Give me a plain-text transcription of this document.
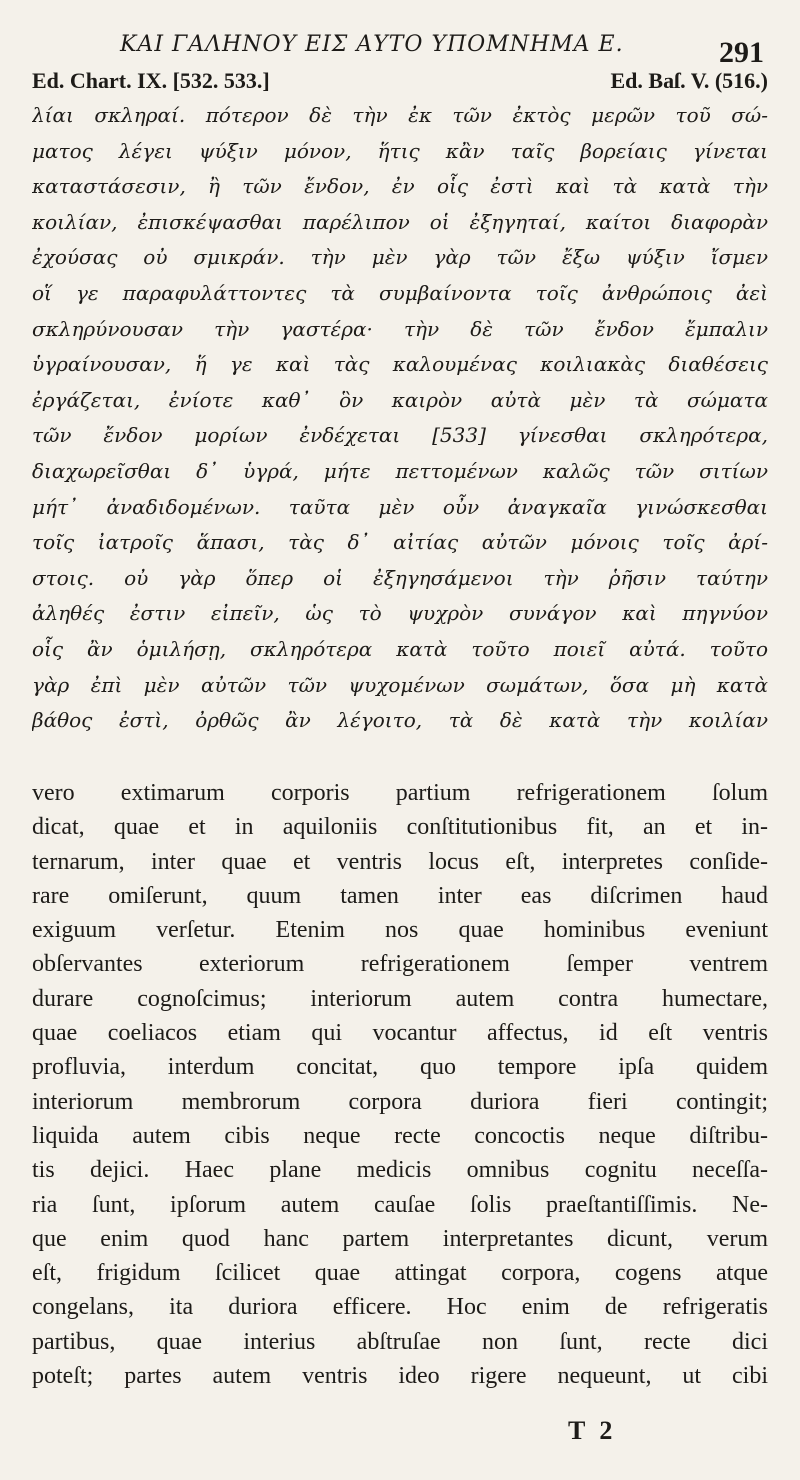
ΚΑΙ ΓΑΛΗΝΟΥ ΕΙΣ ΑΥΤΟ ΥΠΟΜΝΗΜΑ Ε.	291
Ed. Chart. IX. [532. 533.]	Ed. Baſ. V. (516.)
λίαι σκληραί. πότερον δὲ τὴν ἐκ τῶν ἐκτὸς μερῶν τοῦ σώ-
ματος λέγει ψύξιν μόνον, ἥτις κἂν ταῖς βορείαις γίνεται
καταστάσεσιν, ἢ τῶν ἔνδον, ἐν οἷς ἐστὶ καὶ τὰ κατὰ τὴν
κοιλίαν, ἐπισκέψασθαι παρέλιπον οἱ ἐξηγηταί, καίτοι διαφορὰν
ἐχούσας οὐ σμικράν. τὴν μὲν γὰρ τῶν ἔξω ψύξιν ἴσμεν
οἵ γε παραφυλάττοντες τὰ συμβαίνοντα τοῖς ἀνθρώποις ἀεὶ
σκληρύνουσαν τὴν γαστέρα· τὴν δὲ τῶν ἔνδον ἔμπαλιν
ὑγραίνουσαν, ἥ γε καὶ τὰς καλουμένας κοιλιακὰς διαθέσεις
ἐργάζεται, ἐνίοτε καθ᾽ ὃν καιρὸν αὐτὰ μὲν τὰ σώματα
τῶν ἔνδον μορίων ἐνδέχεται [533] γίνεσθαι σκληρότερα,
διαχωρεῖσθαι δ᾽ ὑγρά, μήτε πεττομένων καλῶς τῶν σιτίων
μήτ᾽ ἀναδιδομένων. ταῦτα μὲν οὖν ἀναγκαῖα γινώσκεσθαι
τοῖς ἰατροῖς ἅπασι, τὰς δ᾽ αἰτίας αὐτῶν μόνοις τοῖς ἀρί-
στοις. οὐ γὰρ ὅπερ οἱ ἐξηγησάμενοι τὴν ῥῆσιν ταύτην
ἀληθές ἐστιν εἰπεῖν, ὡς τὸ ψυχρὸν συνάγον καὶ πηγνύον
οἷς ἂν ὁμιλήσῃ, σκληρότερα κατὰ τοῦτο ποιεῖ αὐτά. τοῦτο
γὰρ ἐπὶ μὲν αὐτῶν τῶν ψυχομένων σωμάτων, ὅσα μὴ κατὰ
βάθος ἐστὶ, ὀρθῶς ἂν λέγοιτο, τὰ δὲ κατὰ τὴν κοιλίαν
vero extimarum corporis partium refrigerationem ſolum
dicat, quae et in aquiloniis conſtitutionibus fit, an et in-
ternarum, inter quae et ventris locus eſt, interpretes conſide-
rare omiſerunt, quum tamen inter eas diſcrimen haud
exiguum verſetur. Etenim nos quae hominibus eveniunt
obſervantes exteriorum refrigerationem ſemper ventrem
durare cognoſcimus; interiorum autem contra humectare,
quae coeliacos etiam qui vocantur affectus, id eſt ventris
profluvia, interdum concitat, quo tempore ipſa quidem
interiorum membrorum corpora duriora fieri contingit;
liquida autem cibis neque recte concoctis neque diſtribu-
tis dejici. Haec plane medicis omnibus cognitu neceſſa-
ria ſunt, ipſorum autem cauſae ſolis praeſtantiſſimis. Ne-
que enim quod hanc partem interpretantes dicunt, verum
eſt, frigidum ſcilicet quae attingat corpora, cogens atque
congelans, ita duriora efficere. Hoc enim de refrigeratis
partibus, quae interius abſtruſae non ſunt, recte dici
poteſt; partes autem ventris ideo rigere nequeunt, ut cibi
T 2
